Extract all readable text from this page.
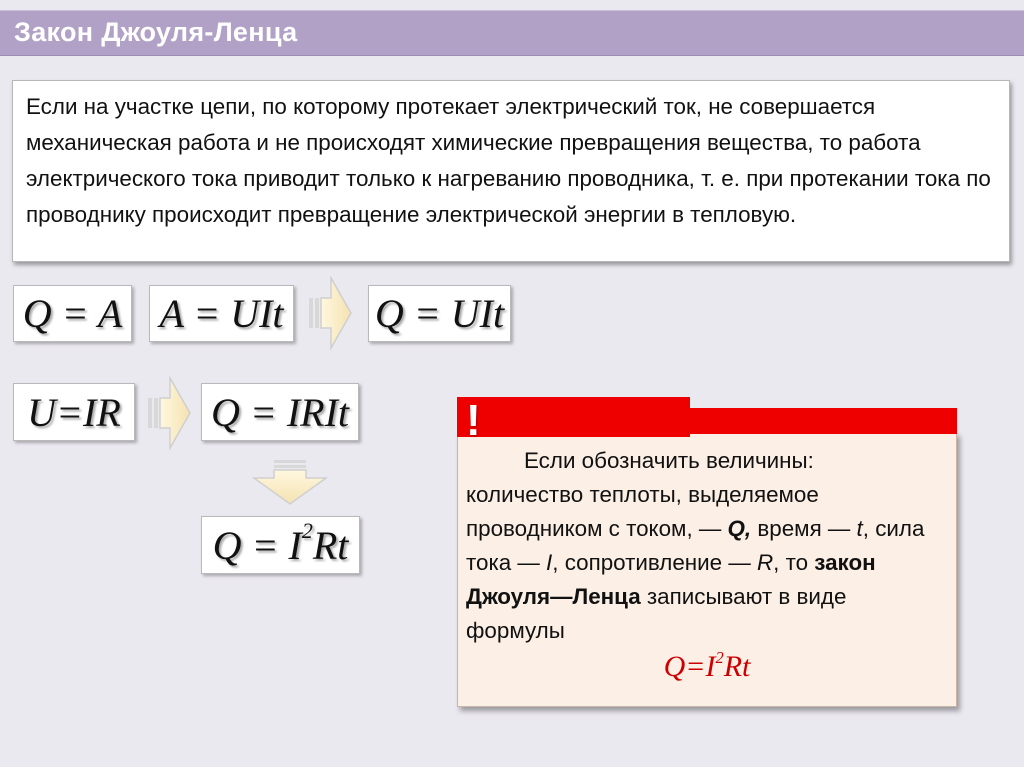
Закон Джоуля-Ленца
Если на участке цепи, по которому протекает электрический ток, не совершается механическая работа и не происходят химические превращения вещества, то работа электрического тока приводит только к нагреванию проводника, т. е. при протекании тока по проводнику происходит превращение электрической энергии в тепловую.
Q = A A = UIt Q = UIt
U=IR Q = IRIt
$Q = I^2Rt$
!
Если обозначить величины:
количество теплоты, выделяемое проводником с током, — Q, время — t, сила тока — I, сопротивление — R, то закон Джоуля—Ленца записывают в виде формулы
$Q=I^2Rt$
